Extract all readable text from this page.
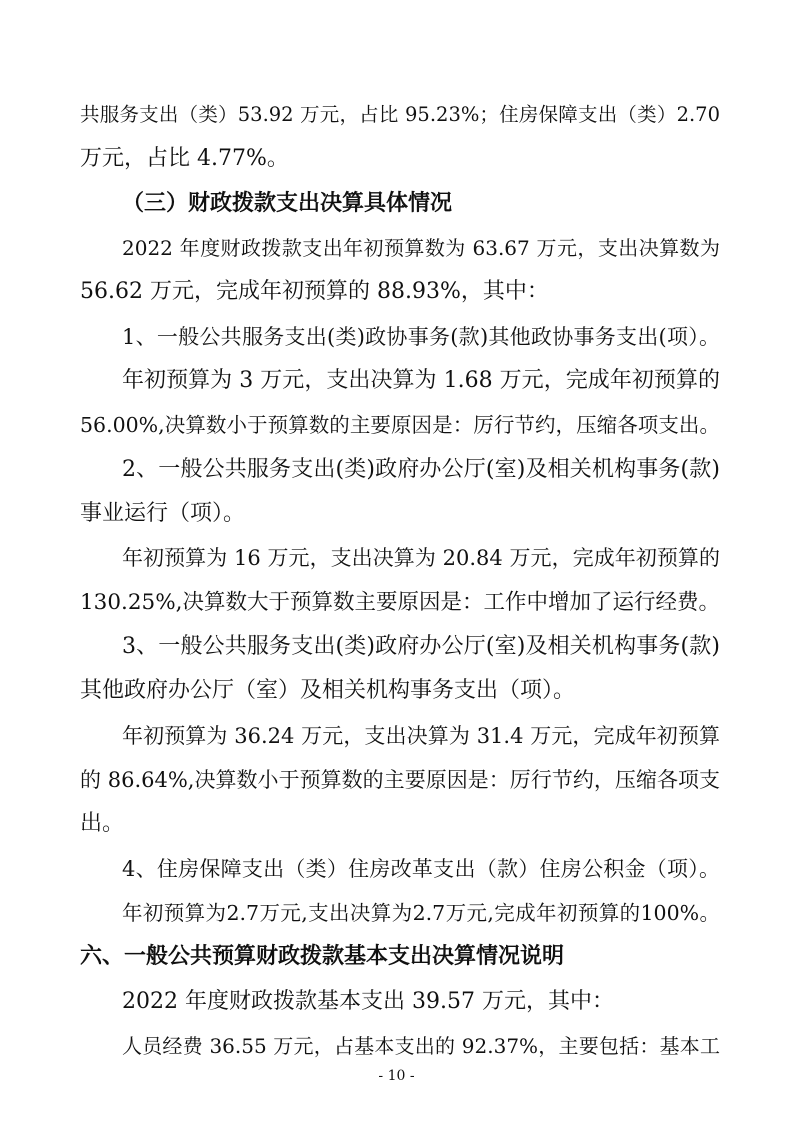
共服务支出（类）53.92 万元，占比 95.23%；住房保障支出（类）2.70
万元，占比 4.77%。
（三）财政拨款支出决算具体情况
2022 年度财政拨款支出年初预算数为 63.67 万元，支出决算数为
56.62 万元，完成年初预算的 88.93%，其中：
1、一般公共服务支出(类)政协事务(款)其他政协事务支出(项）。
年初预算为 3 万元，支出决算为 1.68 万元，完成年初预算的
56.00%,决算数小于预算数的主要原因是：厉行节约，压缩各项支出。
2、一般公共服务支出(类)政府办公厅(室)及相关机构事务(款)
事业运行（项）。
年初预算为 16 万元，支出决算为 20.84 万元，完成年初预算的
130.25%,决算数大于预算数主要原因是：工作中增加了运行经费。
3、一般公共服务支出(类)政府办公厅(室)及相关机构事务(款)
其他政府办公厅（室）及相关机构事务支出（项）。
年初预算为 36.24 万元，支出决算为 31.4 万元，完成年初预算
的 86.64%,决算数小于预算数的主要原因是：厉行节约，压缩各项支
出。
4、住房保障支出（类）住房改革支出（款）住房公积金（项）。
年初预算为2.7万元,支出决算为2.7万元,完成年初预算的100%。
六、一般公共预算财政拨款基本支出决算情况说明
2022 年度财政拨款基本支出 39.57 万元，其中：
人员经费 36.55 万元，占基本支出的 92.37%，主要包括：基本工
- 10 -
